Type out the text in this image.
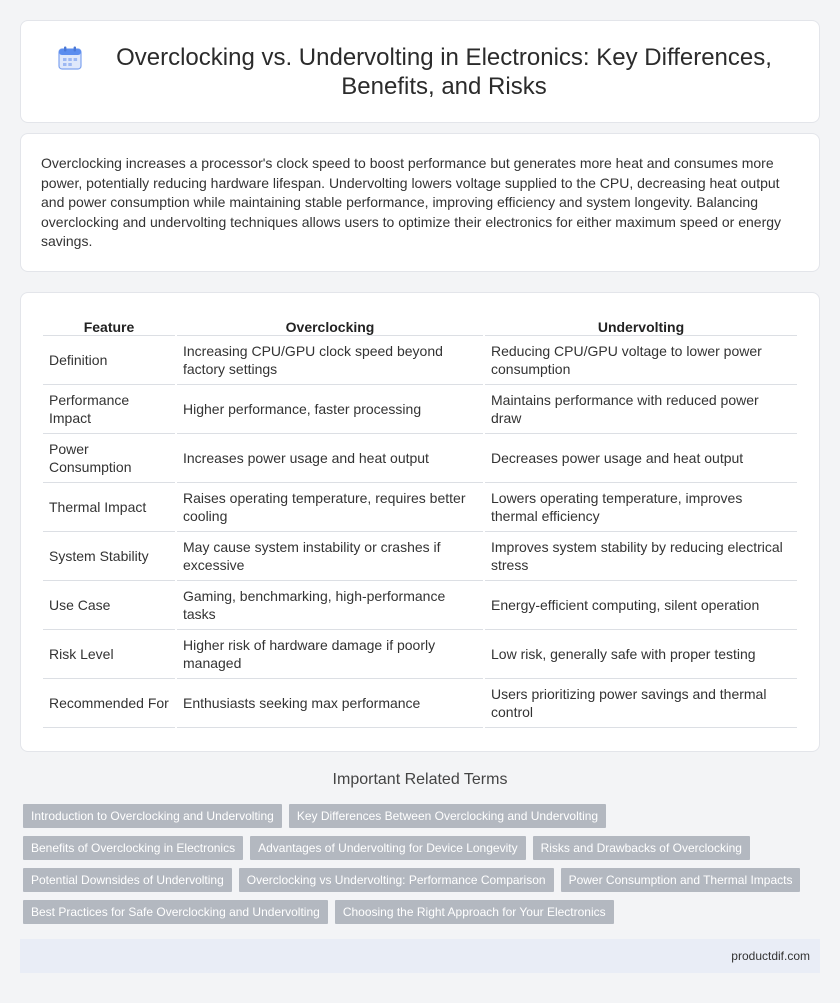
Overclocking vs. Undervolting in Electronics: Key Differences, Benefits, and Risks

Overclocking increases a processor's clock speed to boost performance but generates more heat and consumes more power, potentially reducing hardware lifespan. Undervolting lowers voltage supplied to the CPU, decreasing heat output and power consumption while maintaining stable performance, improving efficiency and system longevity. Balancing overclocking and undervolting techniques allows users to optimize their electronics for either maximum speed or energy savings.

Feature	Overclocking	Undervolting
Definition	Increasing CPU/GPU clock speed beyond factory settings	Reducing CPU/GPU voltage to lower power consumption
Performance Impact	Higher performance, faster processing	Maintains performance with reduced power draw
Power Consumption	Increases power usage and heat output	Decreases power usage and heat output
Thermal Impact	Raises operating temperature, requires better cooling	Lowers operating temperature, improves thermal efficiency
System Stability	May cause system instability or crashes if excessive	Improves system stability by reducing electrical stress
Use Case	Gaming, benchmarking, high-performance tasks	Energy-efficient computing, silent operation
Risk Level	Higher risk of hardware damage if poorly managed	Low risk, generally safe with proper testing
Recommended For	Enthusiasts seeking max performance	Users prioritizing power savings and thermal control
Important Related Terms
Introduction to Overclocking and Undervolting	Key Differences Between Overclocking and Undervolting
Benefits of Overclocking in Electronics	Advantages of Undervolting for Device Longevity	Risks and Drawbacks of Overclocking
Potential Downsides of Undervolting	Overclocking vs Undervolting: Performance Comparison	Power Consumption and Thermal Impacts
Best Practices for Safe Overclocking and Undervolting	Choosing the Right Approach for Your Electronics
productdif.com
